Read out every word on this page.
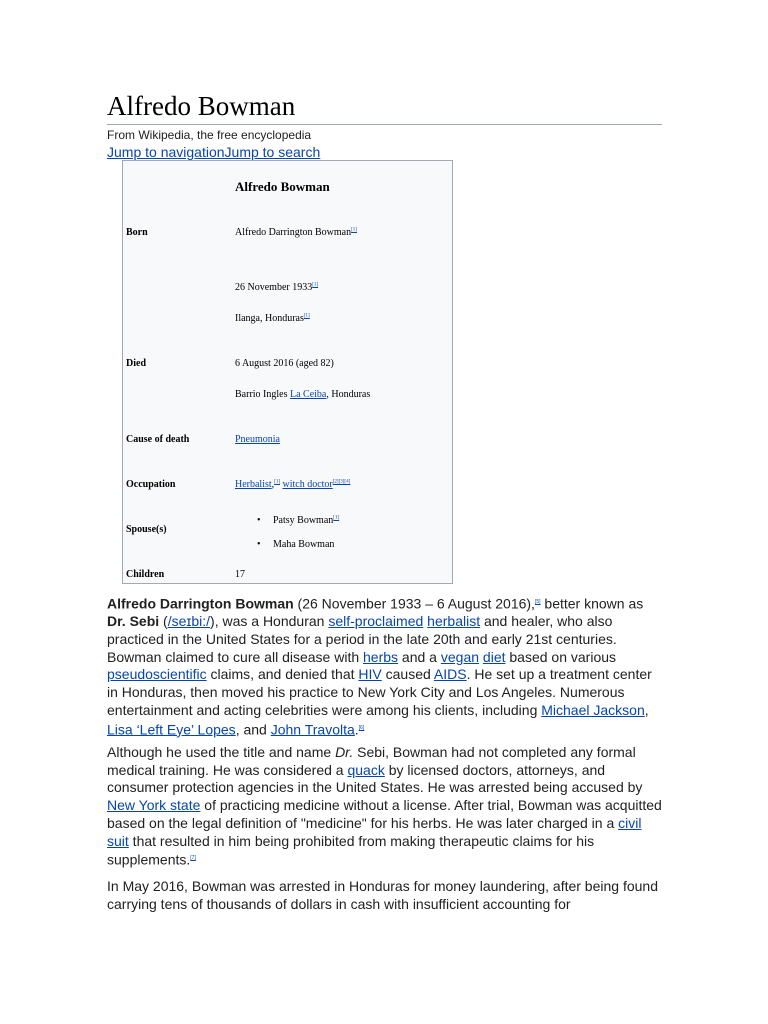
Alfredo Bowman
From Wikipedia, the free encyclopedia
Jump to navigationJump to search
Alfredo Bowman
Born	Alfredo Darrington Bowman[1]
26 November 1933[1]
Ilanga, Honduras[1]
Died	6 August 2016 (aged 82)
Barrio Ingles La Ceiba, Honduras
Cause of death	Pneumonia
Occupation	Herbalist,[1] witch doctor[2][3][4]
Spouse(s)
• Patsy Bowman[1]
• Maha Bowman
Children	17

Alfredo Darrington Bowman (26 November 1933 – 6 August 2016),[5] better known as Dr. Sebi (/seɪbi:/), was a Honduran self-proclaimed herbalist and healer, who also practiced in the United States for a period in the late 20th and early 21st centuries. Bowman claimed to cure all disease with herbs and a vegan diet based on various pseudoscientific claims, and denied that HIV caused AIDS. He set up a treatment center in Honduras, then moved his practice to New York City and Los Angeles. Numerous entertainment and acting celebrities were among his clients, including Michael Jackson, Lisa ‘Left Eye’ Lopes, and John Travolta.[6]

Although he used the title and name Dr. Sebi, Bowman had not completed any formal medical training. He was considered a quack by licensed doctors, attorneys, and consumer protection agencies in the United States. He was arrested being accused by New York state of practicing medicine without a license. After trial, Bowman was acquitted based on the legal definition of "medicine" for his herbs. He was later charged in a civil suit that resulted in him being prohibited from making therapeutic claims for his supplements.[7]

In May 2016, Bowman was arrested in Honduras for money laundering, after being found carrying tens of thousands of dollars in cash with insufficient accounting for
